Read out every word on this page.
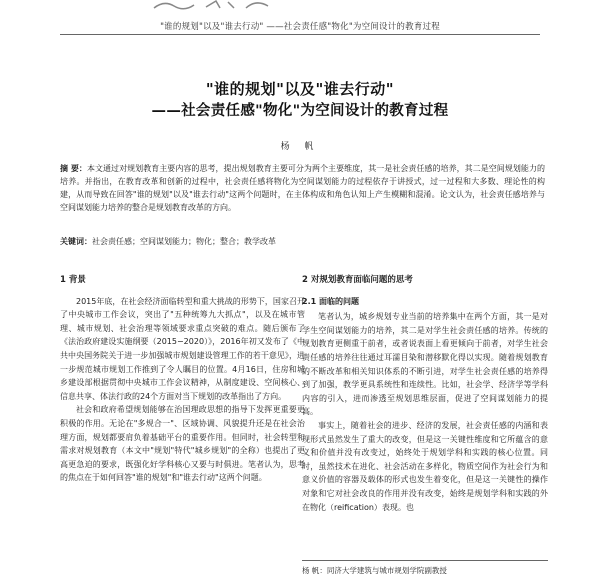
"谁的规划"以及"谁去行动" ——社会责任感"物化"为空间设计的教育过程
"谁的规划"以及"谁去行动"
——社会责任感"物化"为空间设计的教育过程
杨 帆
摘 要：本文通过对规划教育主要内容的思考，提出规划教育主要可分为两个主要维度，其一是社会责任感的培养，其二是空间规划能力的培养。并指出，在教育改革和创新的过程中，社会责任感将物化为空间谋划能力的过程依存于讲授式，过一过程和大多数、理论性的构建，从而导致在回答"谁的规划"以及"谁去行动"这两个问题时，在主体构成和角色认知上产生模糊和混淆。论文认为，社会责任感培养与空间谋划能力培养的整合是规划教育改革的方向。
关键词：社会责任感；空间谋划能力；物化；整合；教学改革
1 背景

2015年底，在社会经济面临转型和重大挑战的形势下，国家召开了中央城市工作会议，突出了"五种统筹九大抓点"，以及在城市管理、城市规划、社会治理等领域要求重点突破的难点。随后颁布了《法治政府建设实施纲要（2015−2020）》，2016年初又发布了《中共中央国务院关于进一步加强城市规划建设管理工作的若干意见》，进一步规范城市规划工作推到了令人瞩目的位置。4月16日，住房和城乡建设部根据贯彻中央城市工作会议精神，从制度建设、空间核心、信息共享、体法行政的24个方面对当下规划的改革指出了方向。

社会和政府希望规划能够在治国理政思想的指导下发挥更重要更积极的作用。无论在"多规合一"、区域协调、风貌提升还是在社会治理方面，规划都要肩负着基础平台的重要作用。但同时，社会转型和需求对规划教育（本文中"规划"特代"城乡规划"的全称）也提出了更高更急迫的要求，既强化好学科核心又要与时俱进。笔者认为，思考的焦点在于如何回答"谁的规划"和"谁去行动"这两个问题。

2 对规划教育面临问题的思考
2.1 面临的问题

笔者认为，城乡规划专业当前的培养集中在两个方面，其一是对学生空间谋划能力的培养，其二是对学生社会责任感的培养。传统的规划教育更侧重于前者，或者说表面上看更倾向于前者，对学生社会责任感的培养往往通过耳濡目染和潜移默化得以实现。随着规划教育的不断改革和相关知识体系的不断引进，对学生社会责任感的培养得到了加强，教学更具系统性和连续性。比如，社会学、经济学等学科内容的引入，进而渗透至规划思维层面，促进了空间谋划能力的提高。

事实上，随着社会的进步、经济的发展，社会责任感的内涵和表现形式虽然发生了重大的改变，但是这一关键性维度和它所蕴含的意义和价值并没有改变过，始终处于规划学科和实践的核心位置。同时，虽然技术在进化、社会活动在多样化，物质空间作为社会行为和意义价值的容器及载体的形式也发生着变化，但是这一关键性的操作对象和它对社会改良的作用并没有改变，始终是规划学科和实践的外在物化（reification）表现。也

杨 帆：同济大学建筑与城市规划学院副教授
